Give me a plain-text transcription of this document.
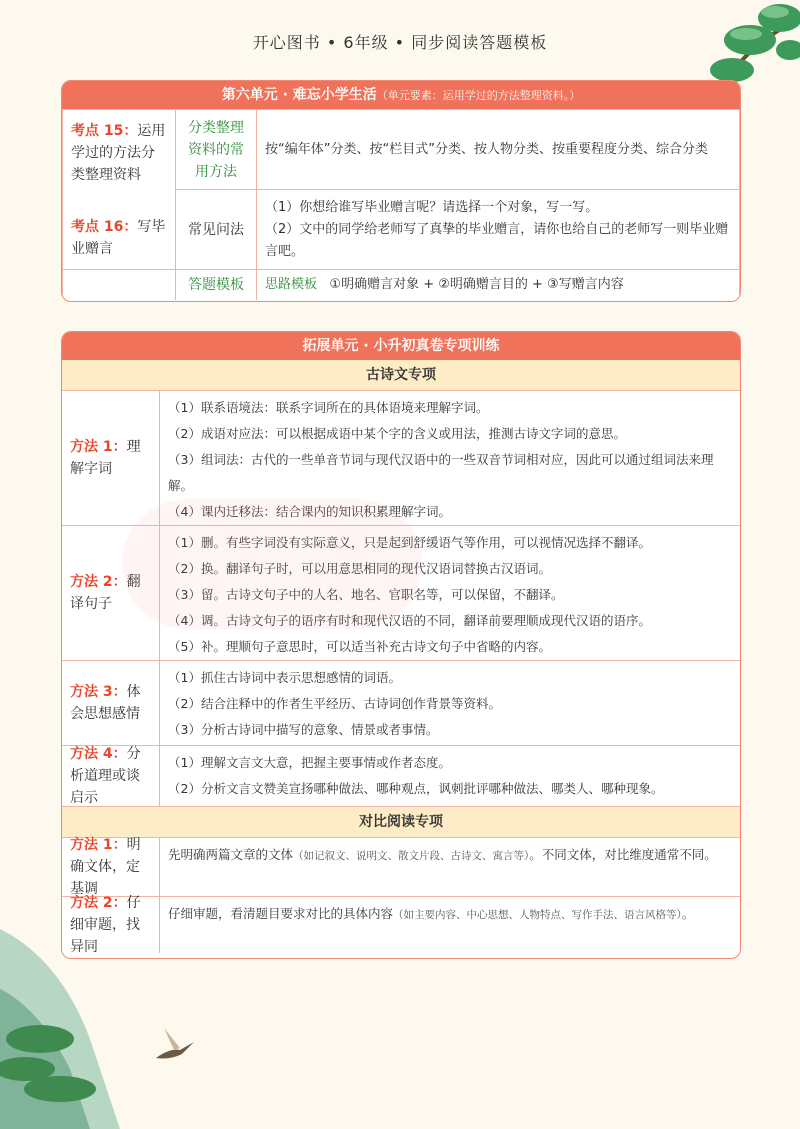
开心图书 • 6年级 • 同步阅读答题模板
第六单元 · 难忘小学生活（单元要素：运用学过的方法整理资料。）
考点 15：运用学过的方法分类整理资料
考点 16：写毕业赠言	分类整理资料的常用方法	按“编年体”分类、按“栏目式”分类、按人物分类、按重要程度分类、综合分类
	常见问法	（1）你想给谁写毕业赠言呢？请选择一个对象，写一写。
（2）文中的同学给老师写了真挚的毕业赠言，请你也给自己的老师写一则毕业赠言吧。

	答题模板	思路模板 ①明确赠言对象 + ②明确赠言目的 + ③写赠言内容
拓展单元 · 小升初真卷专项训练
古诗文专项
方法 1：理解字词
（1）联系语境法：联系字词所在的具体语境来理解字词。
（2）成语对应法：可以根据成语中某个字的含义或用法，推测古诗文字词的意思。
（3）组词法：古代的一些单音节词与现代汉语中的一些双音节词相对应，因此可以通过组词法来理解。
（4）课内迁移法：结合课内的知识积累理解字词。
方法 2：翻译句子
（1）删。有些字词没有实际意义，只是起到舒缓语气等作用，可以视情况选择不翻译。
（2）换。翻译句子时，可以用意思相同的现代汉语词替换古汉语词。
（3）留。古诗文句子中的人名、地名、官职名等，可以保留，不翻译。
（4）调。古诗文句子的语序有时和现代汉语的不同，翻译前要理顺成现代汉语的语序。
（5）补。理顺句子意思时，可以适当补充古诗文句子中省略的内容。
方法 3：体会思想感情
（1）抓住古诗词中表示思想感情的词语。
（2）结合注释中的作者生平经历、古诗词创作背景等资料。
（3）分析古诗词中描写的意象、情景或者事情。
方法 4：分析道理或谈启示
（1）理解文言文大意，把握主要事情或作者态度。
（2）分析文言文赞美宣扬哪种做法、哪种观点，讽刺批评哪种做法、哪类人、哪种现象。
对比阅读专项
方法 1：明确文体，定基调
先明确两篇文章的文体（如记叙文、说明文、散文片段、古诗文、寓言等）。不同文体，对比维度通常不同。
方法 2：仔细审题，找异同
仔细审题，看清题目要求对比的具体内容（如主要内容、中心思想、人物特点、写作手法、语言风格等）。
